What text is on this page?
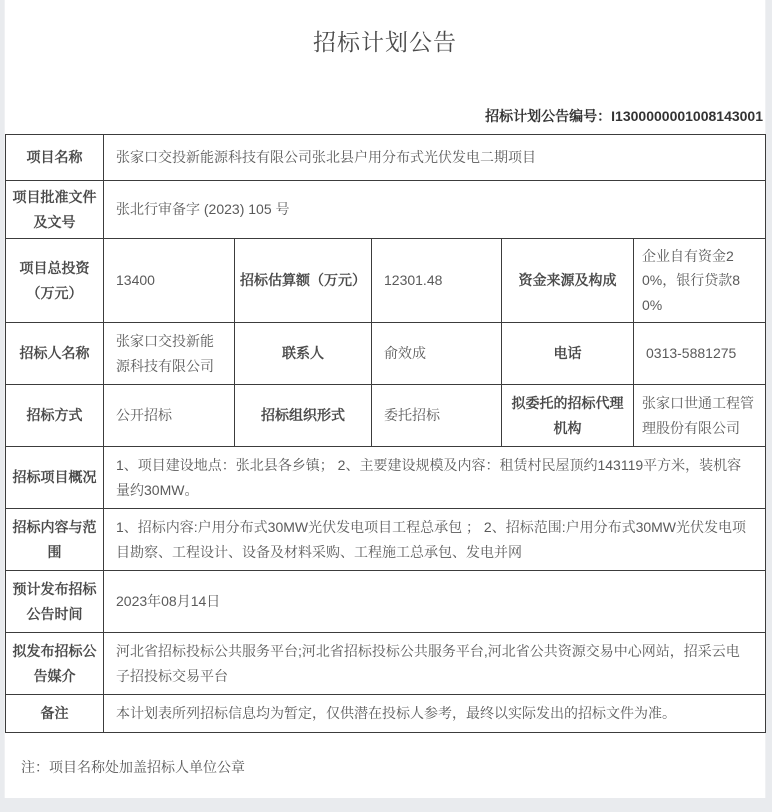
招标计划公告
招标计划公告编号：I1300000001008143001
项目名称	张家口交投新能源科技有限公司张北县户用分布式光伏发电二期项目				
项目批准文件及文号	张北行审备字 (2023) 105 号				
项目总投资（万元）	13400	招标估算额（万元）	12301.48	资金来源及构成	企业自有资金20%，银行贷款80%
招标人名称	张家口交投新能源科技有限公司	联系人	俞效成	电话	0313-5881275
招标方式	公开招标	招标组织形式	委托招标	拟委托的招标代理机构	张家口世通工程管理股份有限公司
招标项目概况	1、项目建设地点：张北县各乡镇； 2、主要建设规模及内容：租赁村民屋顶约143119平方米，装机容量约30MW。				
招标内容与范围	1、招标内容:户用分布式30MW光伏发电项目工程总承包 ； 2、招标范围:户用分布式30MW光伏发电项目勘察、工程设计、设备及材料采购、工程施工总承包、发电并网				
预计发布招标公告时间	2023年08月14日				
拟发布招标公告媒介	河北省招标投标公共服务平台;河北省招标投标公共服务平台,河北省公共资源交易中心网站，招采云电子招投标交易平台				
备注	本计划表所列招标信息均为暂定，仅供潜在投标人参考，最终以实际发出的招标文件为准。				
注：项目名称处加盖招标人单位公章
